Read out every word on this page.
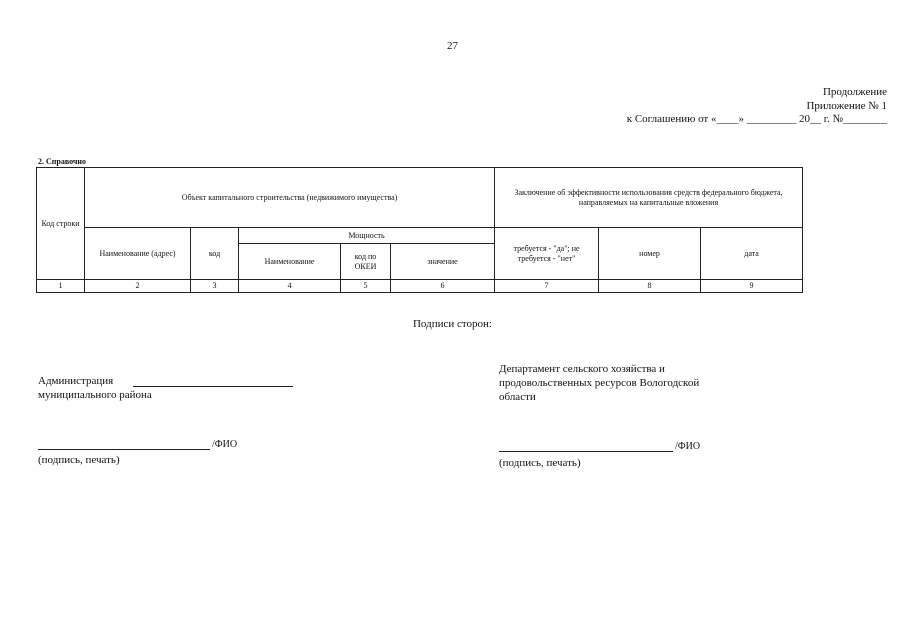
27
Продолжение
Приложение № 1
к Соглашению от «____» _________ 20__ г. №________
2. Справочно
Код строки	Объект капитального строительства (недвижимого имущества)					Заключение об эффективности использования средств федерального бюджета, направляемых на капитальные вложения		
	Наименование (адрес)	код	Мощность			требуется - "да"; не требуется - "нет"	номер	дата
			Наименование	код по ОКЕИ	значение			
1	2	3	4	5	6	7	8	9
Подписи сторон:
Администрация
муниципального района
/ФИО
(подпись, печать)
Департамент сельского хозяйства и
продовольственных ресурсов Вологодской
области
/ФИО
(подпись, печать)
